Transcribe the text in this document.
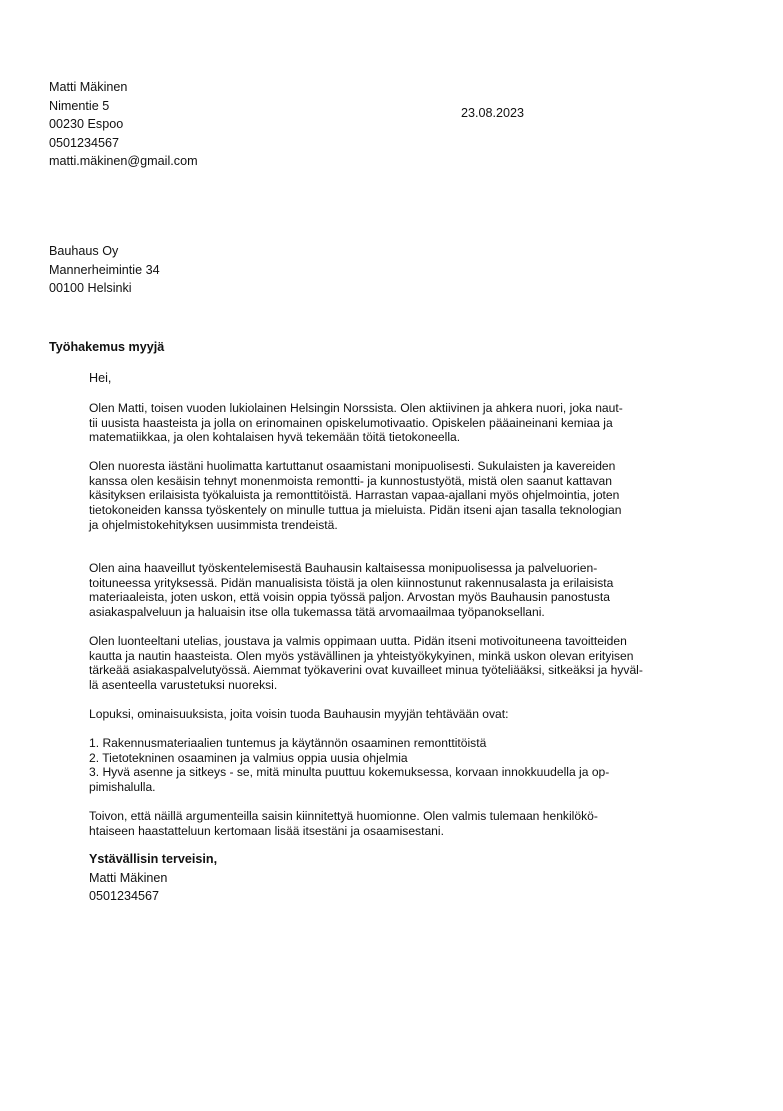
Matti Mäkinen
Nimentie 5
00230 Espoo
0501234567
matti.mäkinen@gmail.com
23.08.2023
Bauhaus Oy
Mannerheimintie 34
00100 Helsinki
Työhakemus myyjä

Hei,

Olen Matti, toisen vuoden lukiolainen Helsingin Norssista. Olen aktiivinen ja ahkera nuori, joka naut-
tii uusista haasteista ja jolla on erinomainen opiskelumotivaatio. Opiskelen pääaineinani kemiaa ja
matematiikkaa, ja olen kohtalaisen hyvä tekemään töitä tietokoneella.

Olen nuoresta iästäni huolimatta kartuttanut osaamistani monipuolisesti. Sukulaisten ja kavereiden
kanssa olen kesäisin tehnyt monenmoista remontti- ja kunnostustyötä, mistä olen saanut kattavan
käsityksen erilaisista työkaluista ja remonttitöistä. Harrastan vapaa-ajallani myös ohjelmointia, joten
tietokoneiden kanssa työskentely on minulle tuttua ja mieluista. Pidän itseni ajan tasalla teknologian
ja ohjelmistokehityksen uusimmista trendeistä.

Olen aina haaveillut työskentelemisestä Bauhausin kaltaisessa monipuolisessa ja palveluorien-
toituneessa yrityksessä. Pidän manualisista töistä ja olen kiinnostunut rakennusalasta ja erilaisista
materiaaleista, joten uskon, että voisin oppia työssä paljon. Arvostan myös Bauhausin panostusta
asiakaspalveluun ja haluaisin itse olla tukemassa tätä arvomaailmaa työpanoksellani.

Olen luonteeltani utelias, joustava ja valmis oppimaan uutta. Pidän itseni motivoituneena tavoitteiden
kautta ja nautin haasteista. Olen myös ystävällinen ja yhteistyökykyinen, minkä uskon olevan erityisen
tärkeää asiakaspalvelutyössä. Aiemmat työkaverini ovat kuvailleet minua työteliääksi, sitkeäksi ja hyväl-
lä asenteella varustetuksi nuoreksi.

Lopuksi, ominaisuuksista, joita voisin tuoda Bauhausin myyjän tehtävään ovat:

1. Rakennusmateriaalien tuntemus ja käytännön osaaminen remonttitöistä
2. Tietotekninen osaaminen ja valmius oppia uusia ohjelmia
3. Hyvä asenne ja sitkeys - se, mitä minulta puuttuu kokemuksessa, korvaan innokkuudella ja op-
pimishalulla.

Toivon, että näillä argumenteilla saisin kiinnitettyä huomionne. Olen valmis tulemaan henkilökö-
htaiseen haastatteluun kertomaan lisää itsestäni ja osaamisestani.

Ystävällisin terveisin,
Matti Mäkinen
0501234567
